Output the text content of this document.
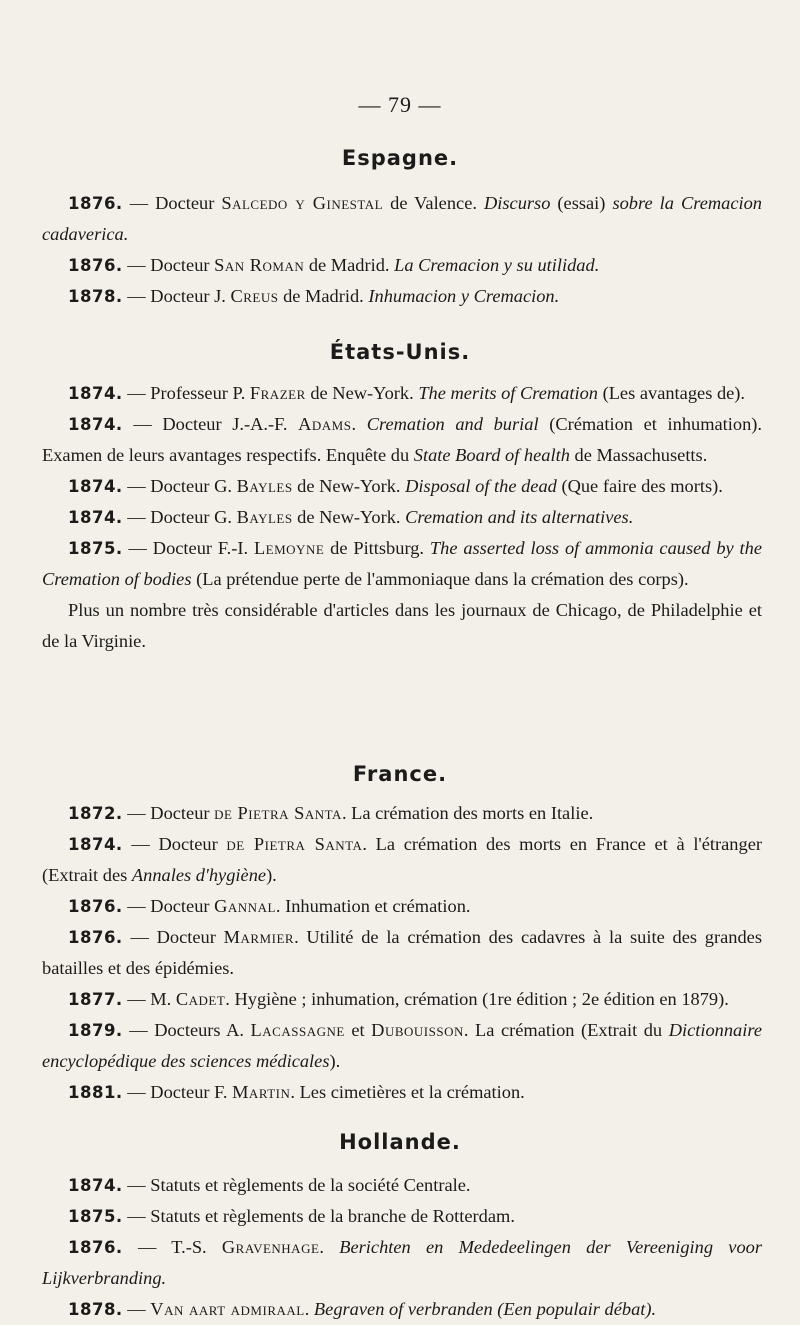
— 79 —
Espagne.

1876. — Docteur Salcedo y Ginestal de Valence. Discurso (essai) sobre la Cremacion cadaverica.

1876. — Docteur San Roman de Madrid. La Cremacion y su utilidad.

1878. — Docteur J. Creus de Madrid. Inhumacion y Cremacion.

États-Unis.

1874. — Professeur P. Frazer de New-York. The merits of Cremation (Les avantages de).

1874. — Docteur J.-A.-F. Adams. Cremation and burial (Crémation et inhumation). Examen de leurs avantages respectifs. Enquête du State Board of health de Massachusetts.

1874. — Docteur G. Bayles de New-York. Disposal of the dead (Que faire des morts).

1874. — Docteur G. Bayles de New-York. Cremation and its alternatives.

1875. — Docteur F.-I. Lemoyne de Pittsburg. The asserted loss of ammonia caused by the Cremation of bodies (La prétendue perte de l'ammoniaque dans la crémation des corps).

Plus un nombre très considérable d'articles dans les journaux de Chicago, de Philadelphie et de la Virginie.

France.

1872. — Docteur de Pietra Santa. La crémation des morts en Italie.

1874. — Docteur de Pietra Santa. La crémation des morts en France et à l'étranger (Extrait des Annales d'hygiène).

1876. — Docteur Gannal. Inhumation et crémation.

1876. — Docteur Marmier. Utilité de la crémation des cadavres à la suite des grandes batailles et des épidémies.

1877. — M. Cadet. Hygiène ; inhumation, crémation (1re édition ; 2e édition en 1879).

1879. — Docteurs A. Lacassagne et Dubouisson. La crémation (Extrait du Dictionnaire encyclopédique des sciences médicales).

1881. — Docteur F. Martin. Les cimetières et la crémation.

Hollande.

1874. — Statuts et règlements de la société Centrale.

1875. — Statuts et règlements de la branche de Rotterdam.

1876. — T.-S. Gravenhage. Berichten en Mededeelingen der Vereeniging voor Lijkverbranding.

1878. — Van aart admiraal. Begraven of verbranden (Een populair débat).
